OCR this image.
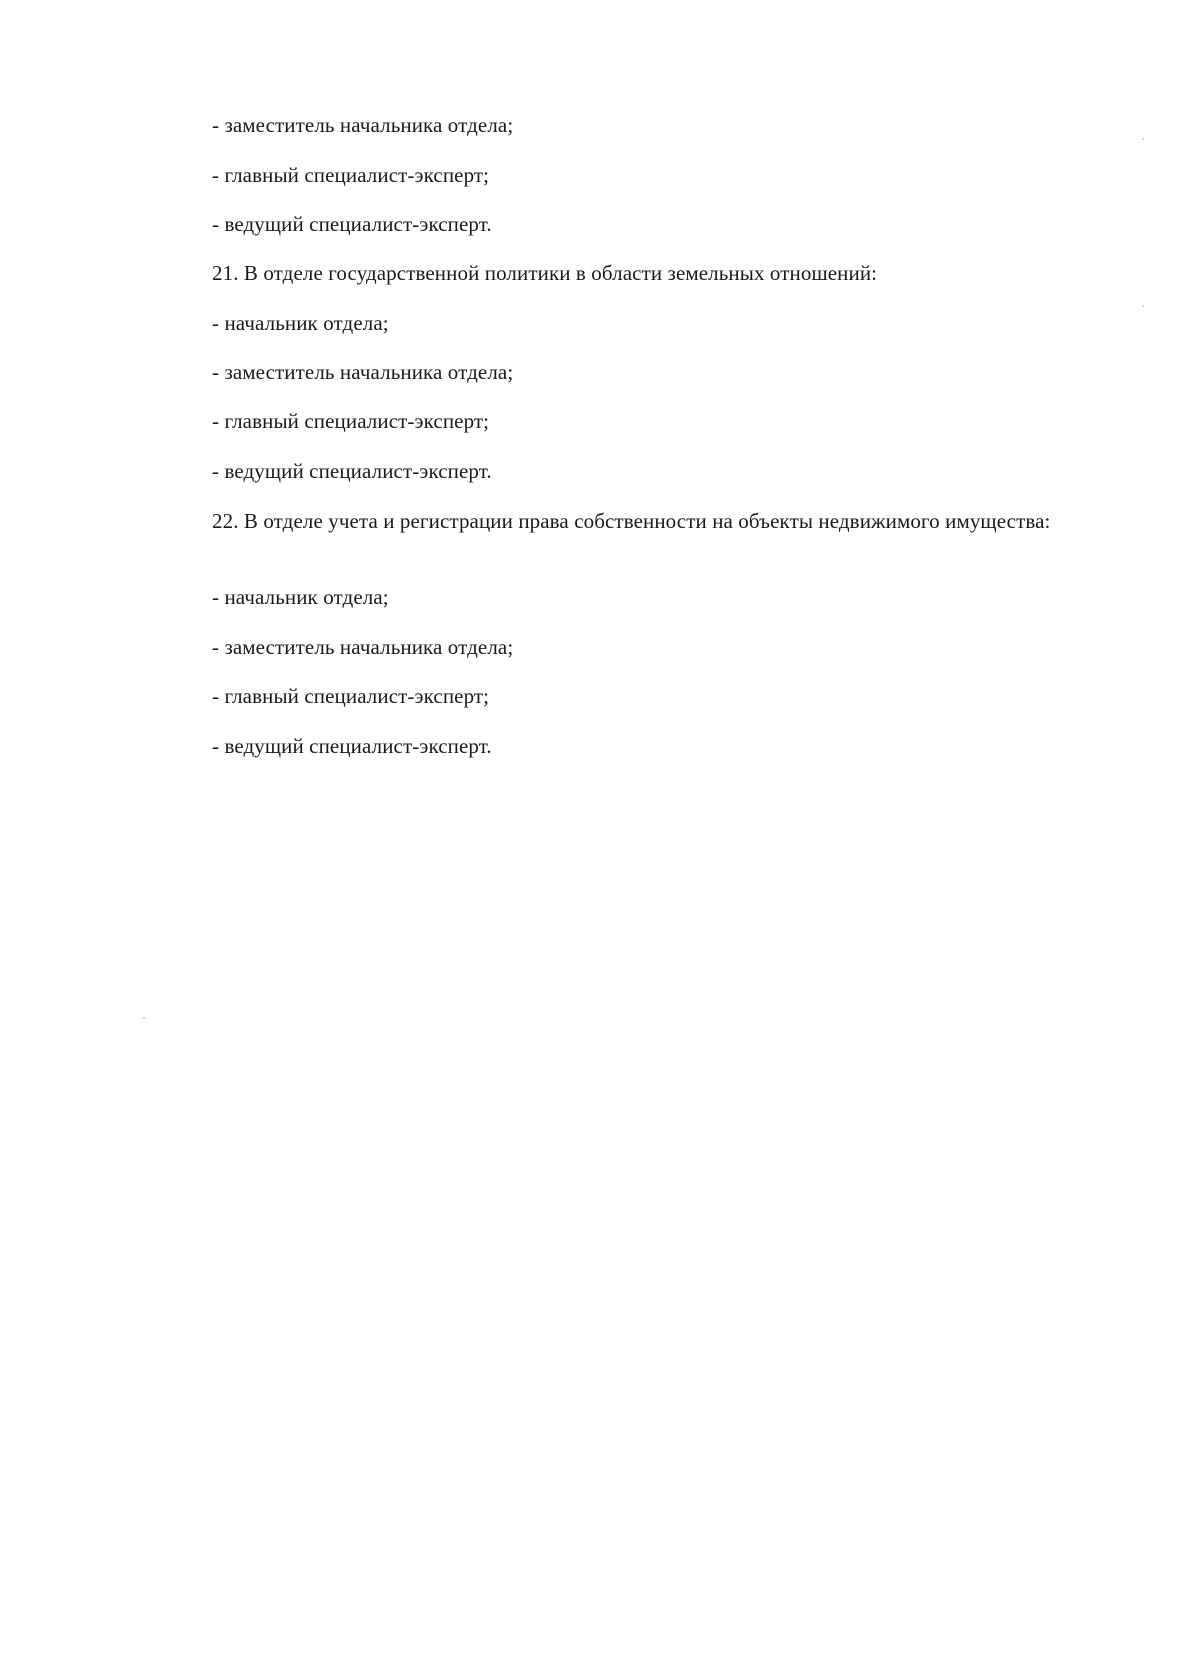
- заместитель начальника отдела;
- главный специалист-эксперт;
- ведущий специалист-эксперт.
21. В отделе государственной политики в области земельных отношений:
- начальник отдела;
- заместитель начальника отдела;
- главный специалист-эксперт;
- ведущий специалист-эксперт.
22. В отделе учета и регистрации права собственности на объекты недвижимого имущества:
- начальник отдела;
- заместитель начальника отдела;
- главный специалист-эксперт;
- ведущий специалист-эксперт.
